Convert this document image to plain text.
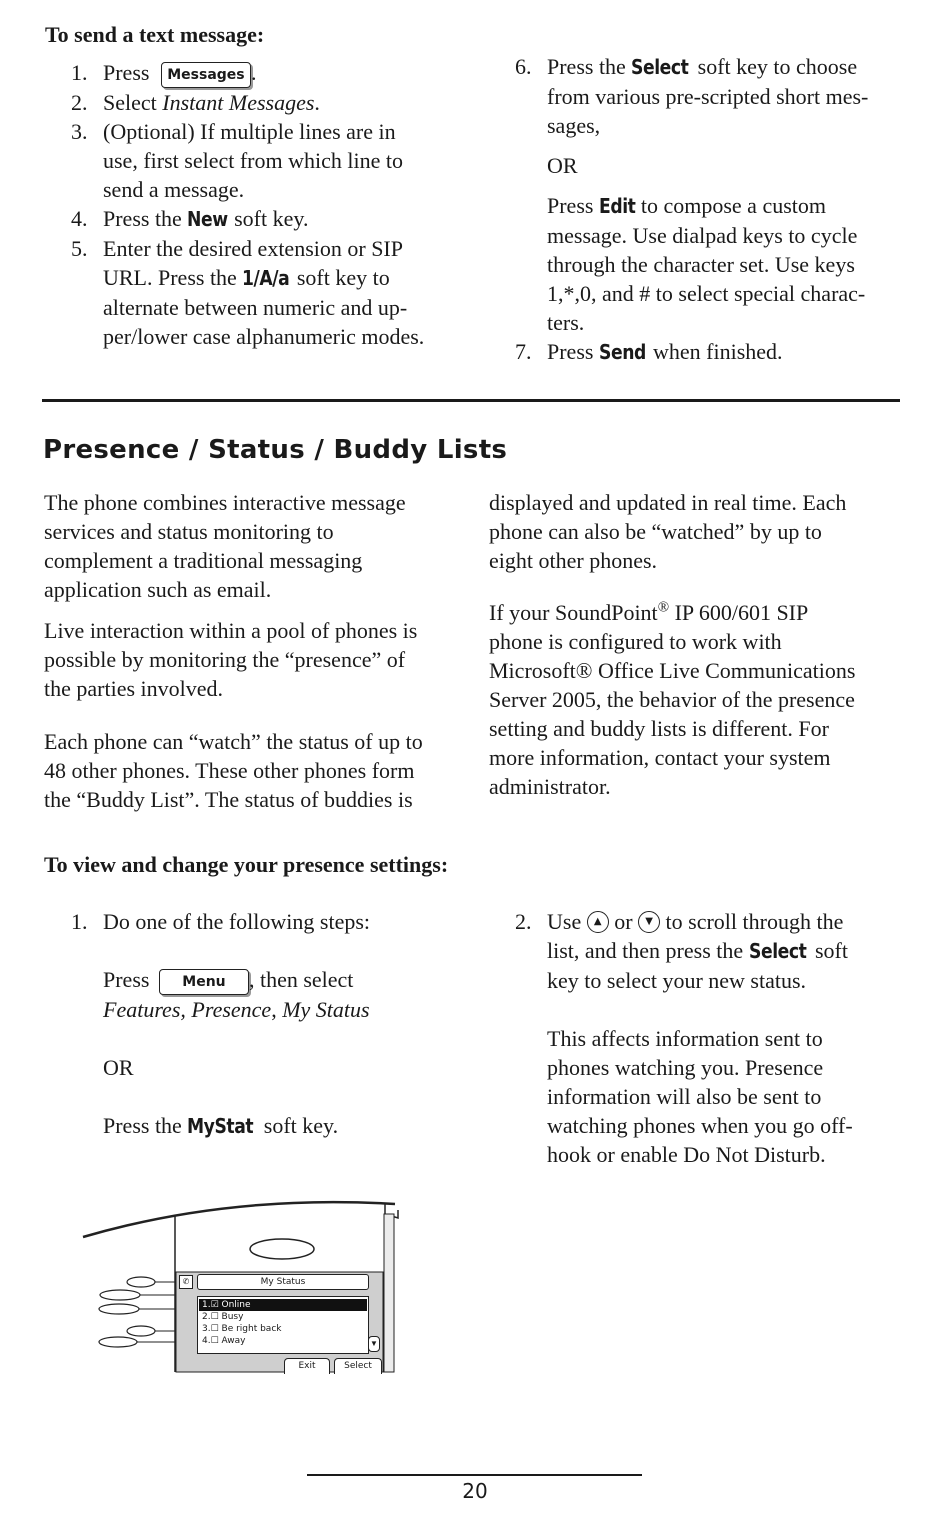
To send a text message:
1. Press Messages .
2. Select Instant Messages.
3. (Optional) If multiple lines are in
use, first select from which line to
send a message.
4. Press the New soft key.
5. Enter the desired extension or SIP
URL. Press the 1/A/a soft key to
alternate between numeric and up-
per/lower case alphanumeric modes.
6. Press the Select soft key to choose
from various pre-scripted short mes-
sages,
OR
Press Edit to compose a custom
message. Use dialpad keys to cycle
through the character set. Use keys
1,*,0, and # to select special charac-
ters.
7. Press Send when finished.
Presence / Status / Buddy Lists
The phone combines interactive message
services and status monitoring to
complement a traditional messaging
application such as email.
Live interaction within a pool of phones is
possible by monitoring the “presence” of
the parties involved.
Each phone can “watch” the status of up to
48 other phones. These other phones form
the “Buddy List”. The status of buddies is
displayed and updated in real time. Each
phone can also be “watched” by up to
eight other phones.
If your SoundPoint® IP 600/601 SIP
phone is configured to work with
Microsoft® Office Live Communications
Server 2005, the behavior of the presence
setting and buddy lists is different. For
more information, contact your system
administrator.
To view and change your presence settings:
1. Do one of the following steps:
Press Menu , then select
Features, Presence, My Status
OR
Press the MyStat soft key.
2. Use ▲ or ▼ to scroll through the
list, and then press the Select soft
key to select your new status.
This affects information sent to
phones watching you. Presence
information will also be sent to
watching phones when you go off-
hook or enable Do Not Disturb.
✆	My Status
1.☑ Online
2.☐ Busy
3.☐ Be right back
4.☐ Away	▼
Exit	Select
20
